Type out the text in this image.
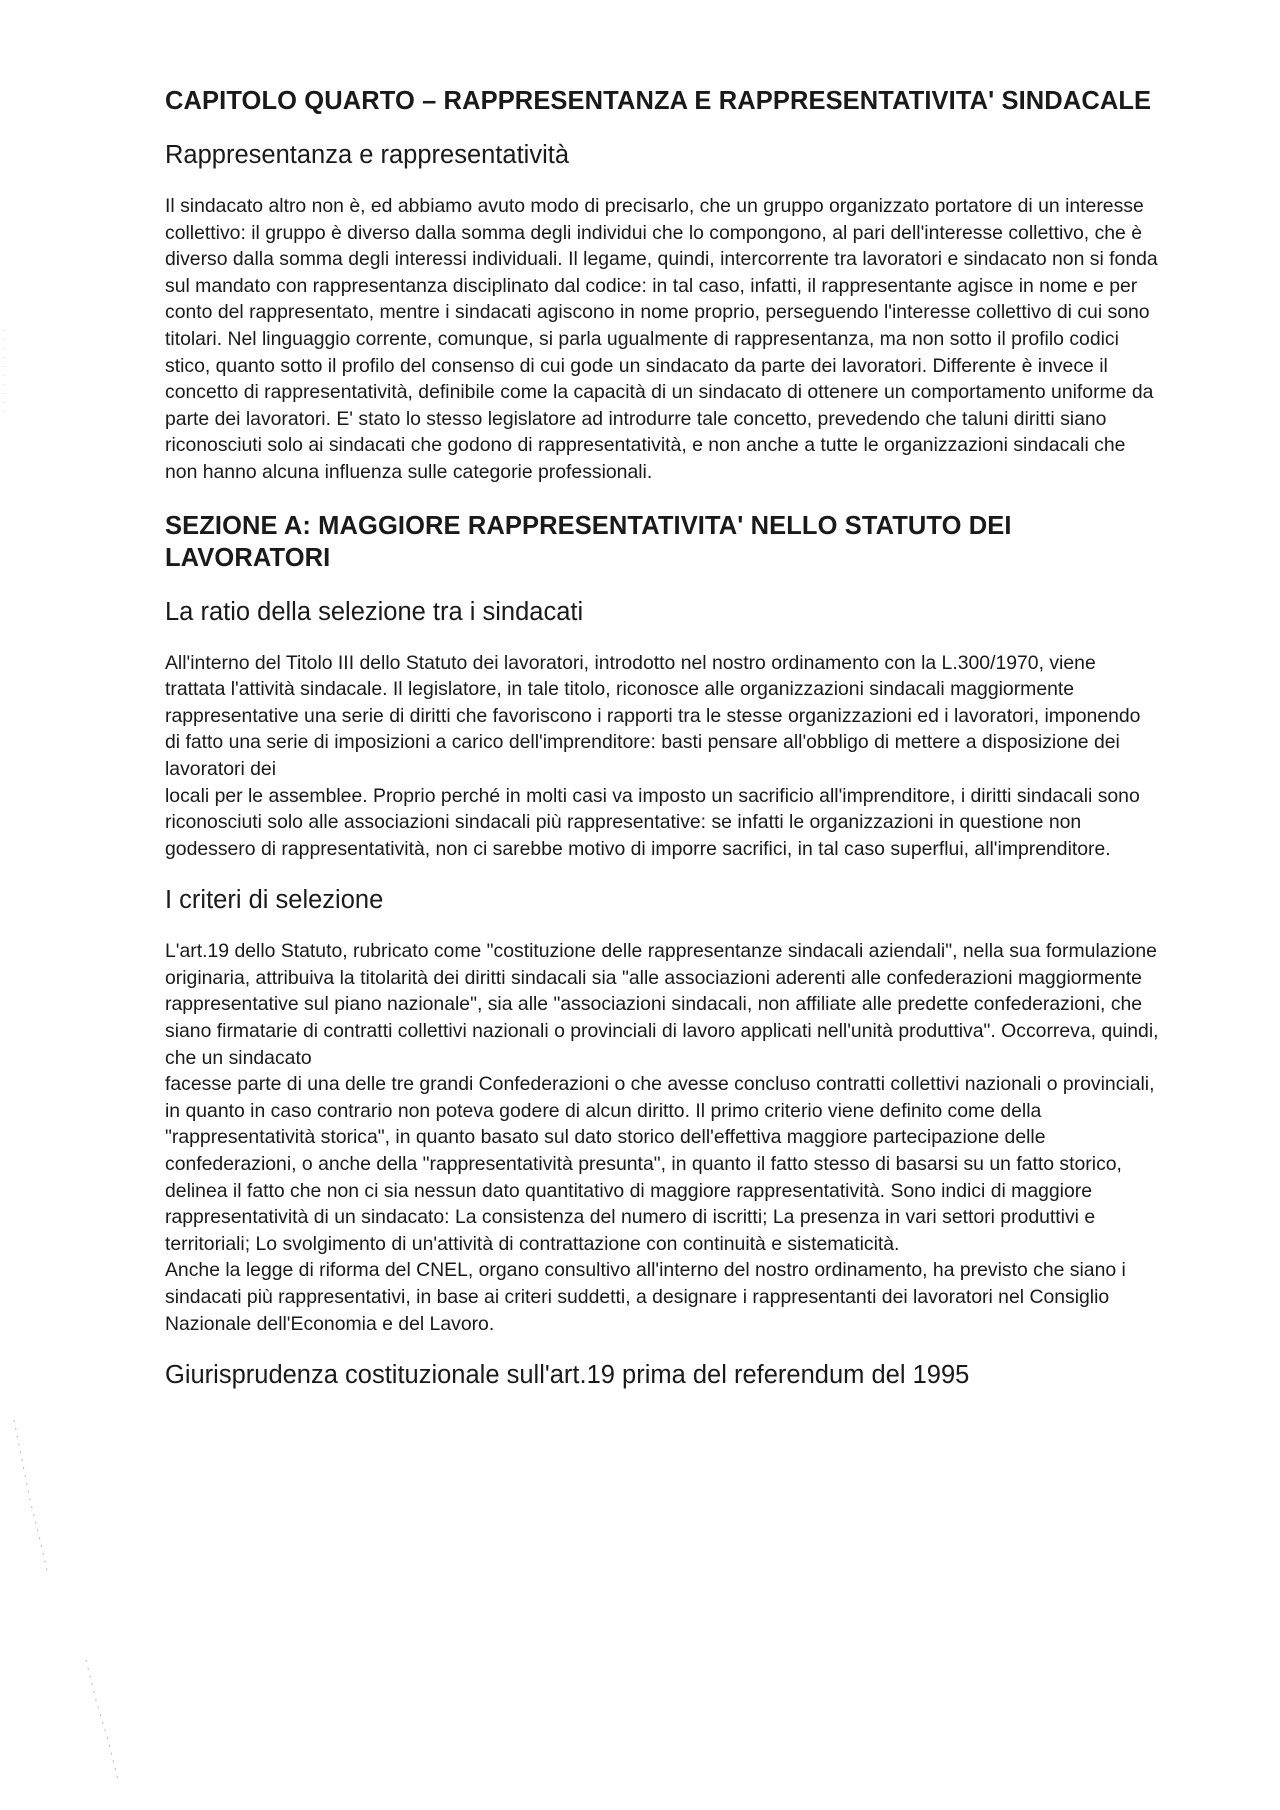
CAPITOLO QUARTO – RAPPRESENTANZA E RAPPRESENTATIVITA' SINDACALE
Rappresentanza e rappresentatività

Il sindacato altro non è, ed abbiamo avuto modo di precisarlo, che un gruppo organizzato portatore di un interesse collettivo: il gruppo è diverso dalla somma degli individui che lo compongono, al pari dell'interesse collettivo, che è diverso dalla somma degli interessi individuali. Il legame, quindi, intercorrente tra lavoratori e sindacato non si fonda sul mandato con rappresentanza disciplinato dal codice: in tal caso, infatti, il rappresentante agisce in nome e per conto del rappresentato, mentre i sindacati agiscono in nome proprio, perseguendo l'interesse collettivo di cui sono titolari. Nel linguaggio corrente, comunque, si parla ugualmente di rappresentanza, ma non sotto il profilo codici stico, quanto sotto il profilo del consenso di cui gode un sindacato da parte dei lavoratori. Differente è invece il concetto di rappresentatività, definibile come la capacità di un sindacato di ottenere un comportamento uniforme da parte dei lavoratori. E' stato lo stesso legislatore ad introdurre tale concetto, prevedendo che taluni diritti siano riconosciuti solo ai sindacati che godono di rappresentatività, e non anche a tutte le organizzazioni sindacali che non hanno alcuna influenza sulle categorie professionali.

SEZIONE A: MAGGIORE RAPPRESENTATIVITA' NELLO STATUTO DEI LAVORATORI
La ratio della selezione tra i sindacati

All'interno del Titolo III dello Statuto dei lavoratori, introdotto nel nostro ordinamento con la L.300/1970, viene trattata l'attività sindacale. Il legislatore, in tale titolo, riconosce alle organizzazioni sindacali maggiormente rappresentative una serie di diritti che favoriscono i rapporti tra le stesse organizzazioni ed i lavoratori, imponendo di fatto una serie di imposizioni a carico dell'imprenditore: basti pensare all'obbligo di mettere a disposizione dei lavoratori dei

locali per le assemblee. Proprio perché in molti casi va imposto un sacrificio all'imprenditore, i diritti sindacali sono riconosciuti solo alle associazioni sindacali più rappresentative: se infatti le organizzazioni in questione non godessero di rappresentatività, non ci sarebbe motivo di imporre sacrifici, in tal caso superflui, all'imprenditore.

I criteri di selezione

L'art.19 dello Statuto, rubricato come "costituzione delle rappresentanze sindacali aziendali", nella sua formulazione originaria, attribuiva la titolarità dei diritti sindacali sia "alle associazioni aderenti alle confederazioni maggiormente rappresentative sul piano nazionale", sia alle "associazioni sindacali, non affiliate alle predette confederazioni, che siano firmatarie di contratti collettivi nazionali o provinciali di lavoro applicati nell'unità produttiva". Occorreva, quindi, che un sindacato

facesse parte di una delle tre grandi Confederazioni o che avesse concluso contratti collettivi nazionali o provinciali, in quanto in caso contrario non poteva godere di alcun diritto. Il primo criterio viene definito come della "rappresentatività storica", in quanto basato sul dato storico dell'effettiva maggiore partecipazione delle confederazioni, o anche della "rappresentatività presunta", in quanto il fatto stesso di basarsi su un fatto storico, delinea il fatto che non ci sia nessun dato quantitativo di maggiore rappresentatività. Sono indici di maggiore rappresentatività di un sindacato: La consistenza del numero di iscritti; La presenza in vari settori produttivi e territoriali; Lo svolgimento di un'attività di contrattazione con continuità e sistematicità.

Anche la legge di riforma del CNEL, organo consultivo all'interno del nostro ordinamento, ha previsto che siano i sindacati più rappresentativi, in base ai criteri suddetti, a designare i rappresentanti dei lavoratori nel Consiglio Nazionale dell'Economia e del Lavoro.

Giurisprudenza costituzionale sull'art.19 prima del referendum del 1995
